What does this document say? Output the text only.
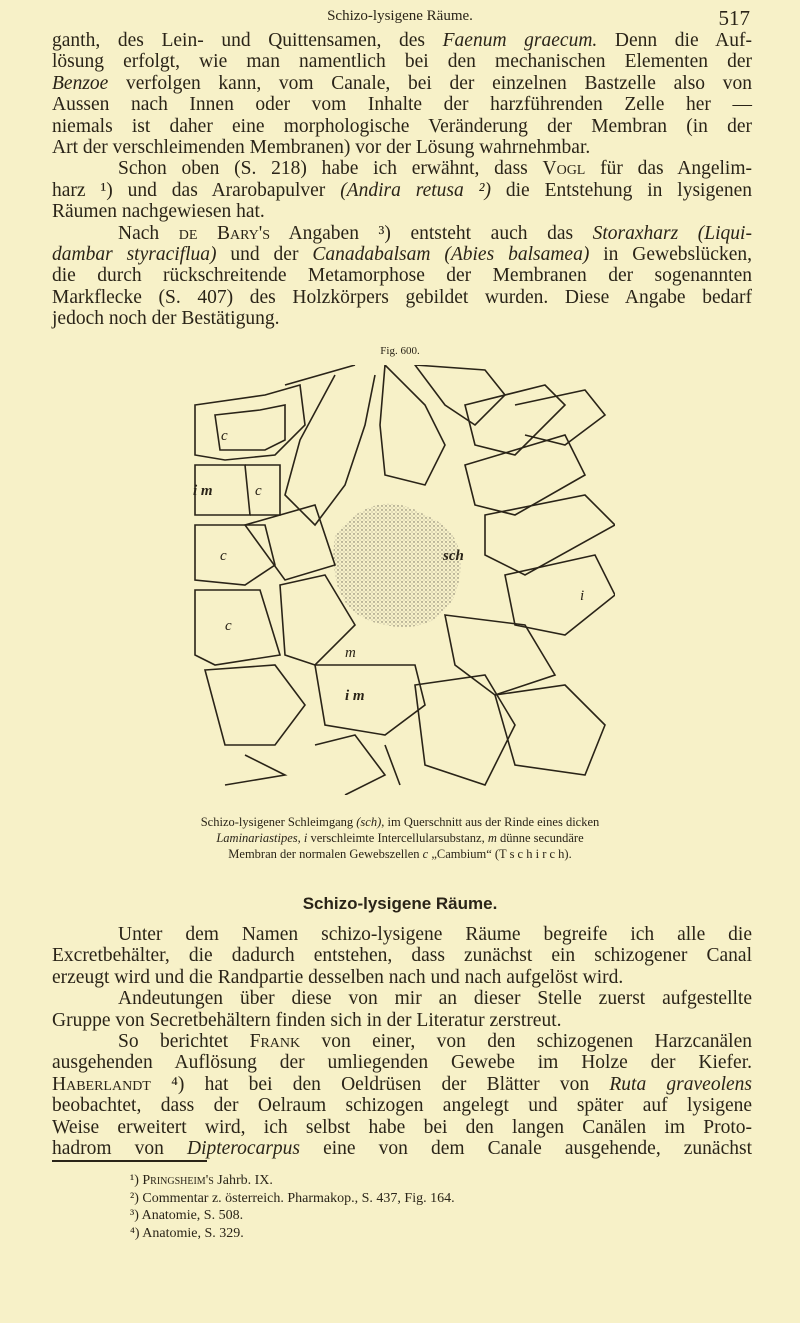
Schizo-lysigene Räume.	517
ganth, des Lein- und Quittensamen, des Faenum graecum. Denn die Auf-
lösung erfolgt, wie man namentlich bei den mechanischen Elementen der
Benzoe verfolgen kann, vom Canale, bei der einzelnen Bastzelle also von
Aussen nach Innen oder vom Inhalte der harzführenden Zelle her —
niemals ist daher eine morphologische Veränderung der Membran (in der
Art der verschleimenden Membranen) vor der Lösung wahrnehmbar.
Schon oben (S. 218) habe ich erwähnt, dass Vogl für das Angelim-
harz ¹) und das Ararobapulver (Andira retusa ²) die Entstehung in lysigenen
Räumen nachgewiesen hat.
Nach de Bary's Angaben ³) entsteht auch das Storaxharz (Liqui-
dambar styraciflua) und der Canadabalsam (Abies balsamea) in Gewebslücken,
die durch rückschreitende Metamorphose der Membranen der sogenannten
Markflecke (S. 407) des Holzkörpers gebildet wurden. Diese Angabe bedarf
jedoch noch der Bestätigung.
Fig. 600.
c
i m	c
c
c
sch
m
i m
i
Schizo-lysigener Schleimgang (sch), im Querschnitt aus der Rinde eines dicken
Laminariastipes, i verschleimte Intercellularsubstanz, m dünne secundäre
Membran der normalen Gewebszellen c „Cambium“ (T s c h i r c h).
Schizo-lysigene Räume.
Unter dem Namen schizo-lysigene Räume begreife ich alle die
Excretbehälter, die dadurch entstehen, dass zunächst ein schizogener Canal
erzeugt wird und die Randpartie desselben nach und nach aufgelöst wird.
Andeutungen über diese von mir an dieser Stelle zuerst aufgestellte
Gruppe von Secretbehältern finden sich in der Literatur zerstreut.
So berichtet Frank von einer, von den schizogenen Harzcanälen
ausgehenden Auflösung der umliegenden Gewebe im Holze der Kiefer.
Haberlandt ⁴) hat bei den Oeldrüsen der Blätter von Ruta graveolens
beobachtet, dass der Oelraum schizogen angelegt und später auf lysigene
Weise erweitert wird, ich selbst habe bei den langen Canälen im Proto-
hadrom von Dipterocarpus eine von dem Canale ausgehende, zunächst
¹) Pringsheim's Jahrb. IX.
²) Commentar z. österreich. Pharmakop., S. 437, Fig. 164.
³) Anatomie, S. 508.
⁴) Anatomie, S. 329.
